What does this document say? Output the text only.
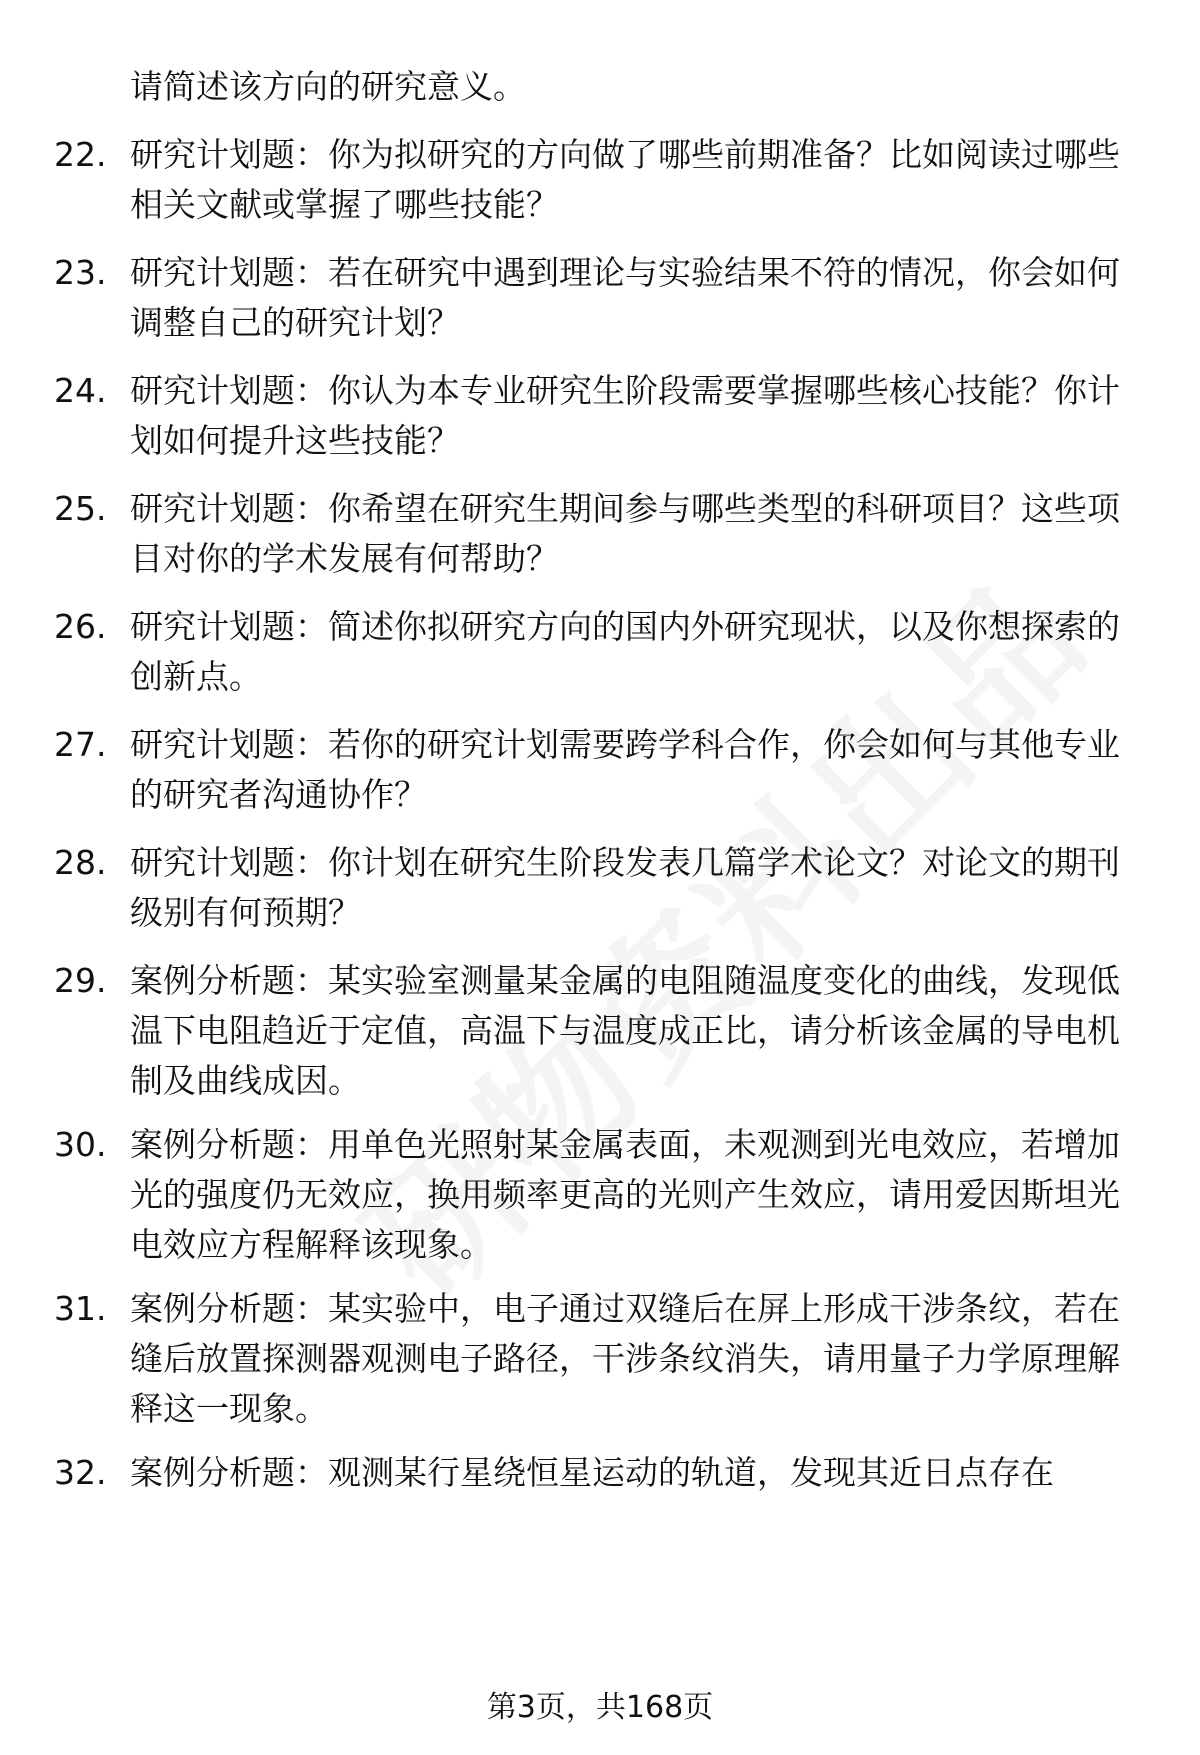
请简述该方向的研究意义。
22. 研究计划题：你为拟研究的方向做了哪些前期准备？比如阅读过哪些相关文献或掌握了哪些技能？
23. 研究计划题：若在研究中遇到理论与实验结果不符的情况，你会如何调整自己的研究计划？
24. 研究计划题：你认为本专业研究生阶段需要掌握哪些核心技能？你计划如何提升这些技能？
25. 研究计划题：你希望在研究生期间参与哪些类型的科研项目？这些项目对你的学术发展有何帮助？
26. 研究计划题：简述你拟研究方向的国内外研究现状，以及你想探索的创新点。
27. 研究计划题：若你的研究计划需要跨学科合作，你会如何与其他专业的研究者沟通协作？
28. 研究计划题：你计划在研究生阶段发表几篇学术论文？对论文的期刊级别有何预期？
29. 案例分析题：某实验室测量某金属的电阻随温度变化的曲线，发现低温下电阻趋近于定值，高温下与温度成正比，请分析该金属的导电机制及曲线成因。
30. 案例分析题：用单色光照射某金属表面，未观测到光电效应，若增加光的强度仍无效应，换用频率更高的光则产生效应，请用爱因斯坦光电效应方程解释该现象。
31. 案例分析题：某实验中，电子通过双缝后在屏上形成干涉条纹，若在缝后放置探测器观测电子路径，干涉条纹消失，请用量子力学原理解释这一现象。
32. 案例分析题：观测某行星绕恒星运动的轨道，发现其近日点存在
第3页，共168页
